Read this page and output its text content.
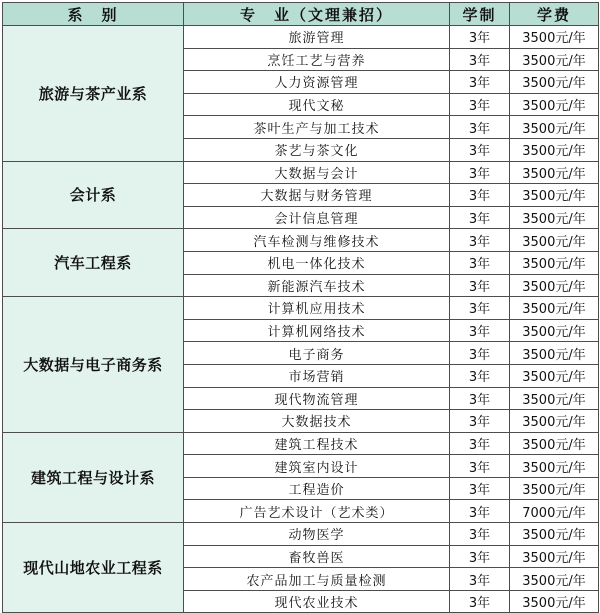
系　别	专　业（文理兼招）	学制	学费
旅游与茶产业系	旅游管理	3年	3500元/年
	烹饪工艺与营养	3年	3500元/年
	人力资源管理	3年	3500元/年
	现代文秘	3年	3500元/年
	茶叶生产与加工技术	3年	3500元/年
	茶艺与茶文化	3年	3500元/年
会计系	大数据与会计	3年	3500元/年
	大数据与财务管理	3年	3500元/年
	会计信息管理	3年	3500元/年
汽车工程系	汽车检测与维修技术	3年	3500元/年
	机电一体化技术	3年	3500元/年
	新能源汽车技术	3年	3500元/年
大数据与电子商务系	计算机应用技术	3年	3500元/年
	计算机网络技术	3年	3500元/年
	电子商务	3年	3500元/年
	市场营销	3年	3500元/年
	现代物流管理	3年	3500元/年
	大数据技术	3年	3500元/年
建筑工程与设计系	建筑工程技术	3年	3500元/年
	建筑室内设计	3年	3500元/年
	工程造价	3年	3500元/年
	广告艺术设计（艺术类）	3年	7000元/年
现代山地农业工程系	动物医学	3年	3500元/年
	畜牧兽医	3年	3500元/年
	农产品加工与质量检测	3年	3500元/年
	现代农业技术	3年	3500元/年
